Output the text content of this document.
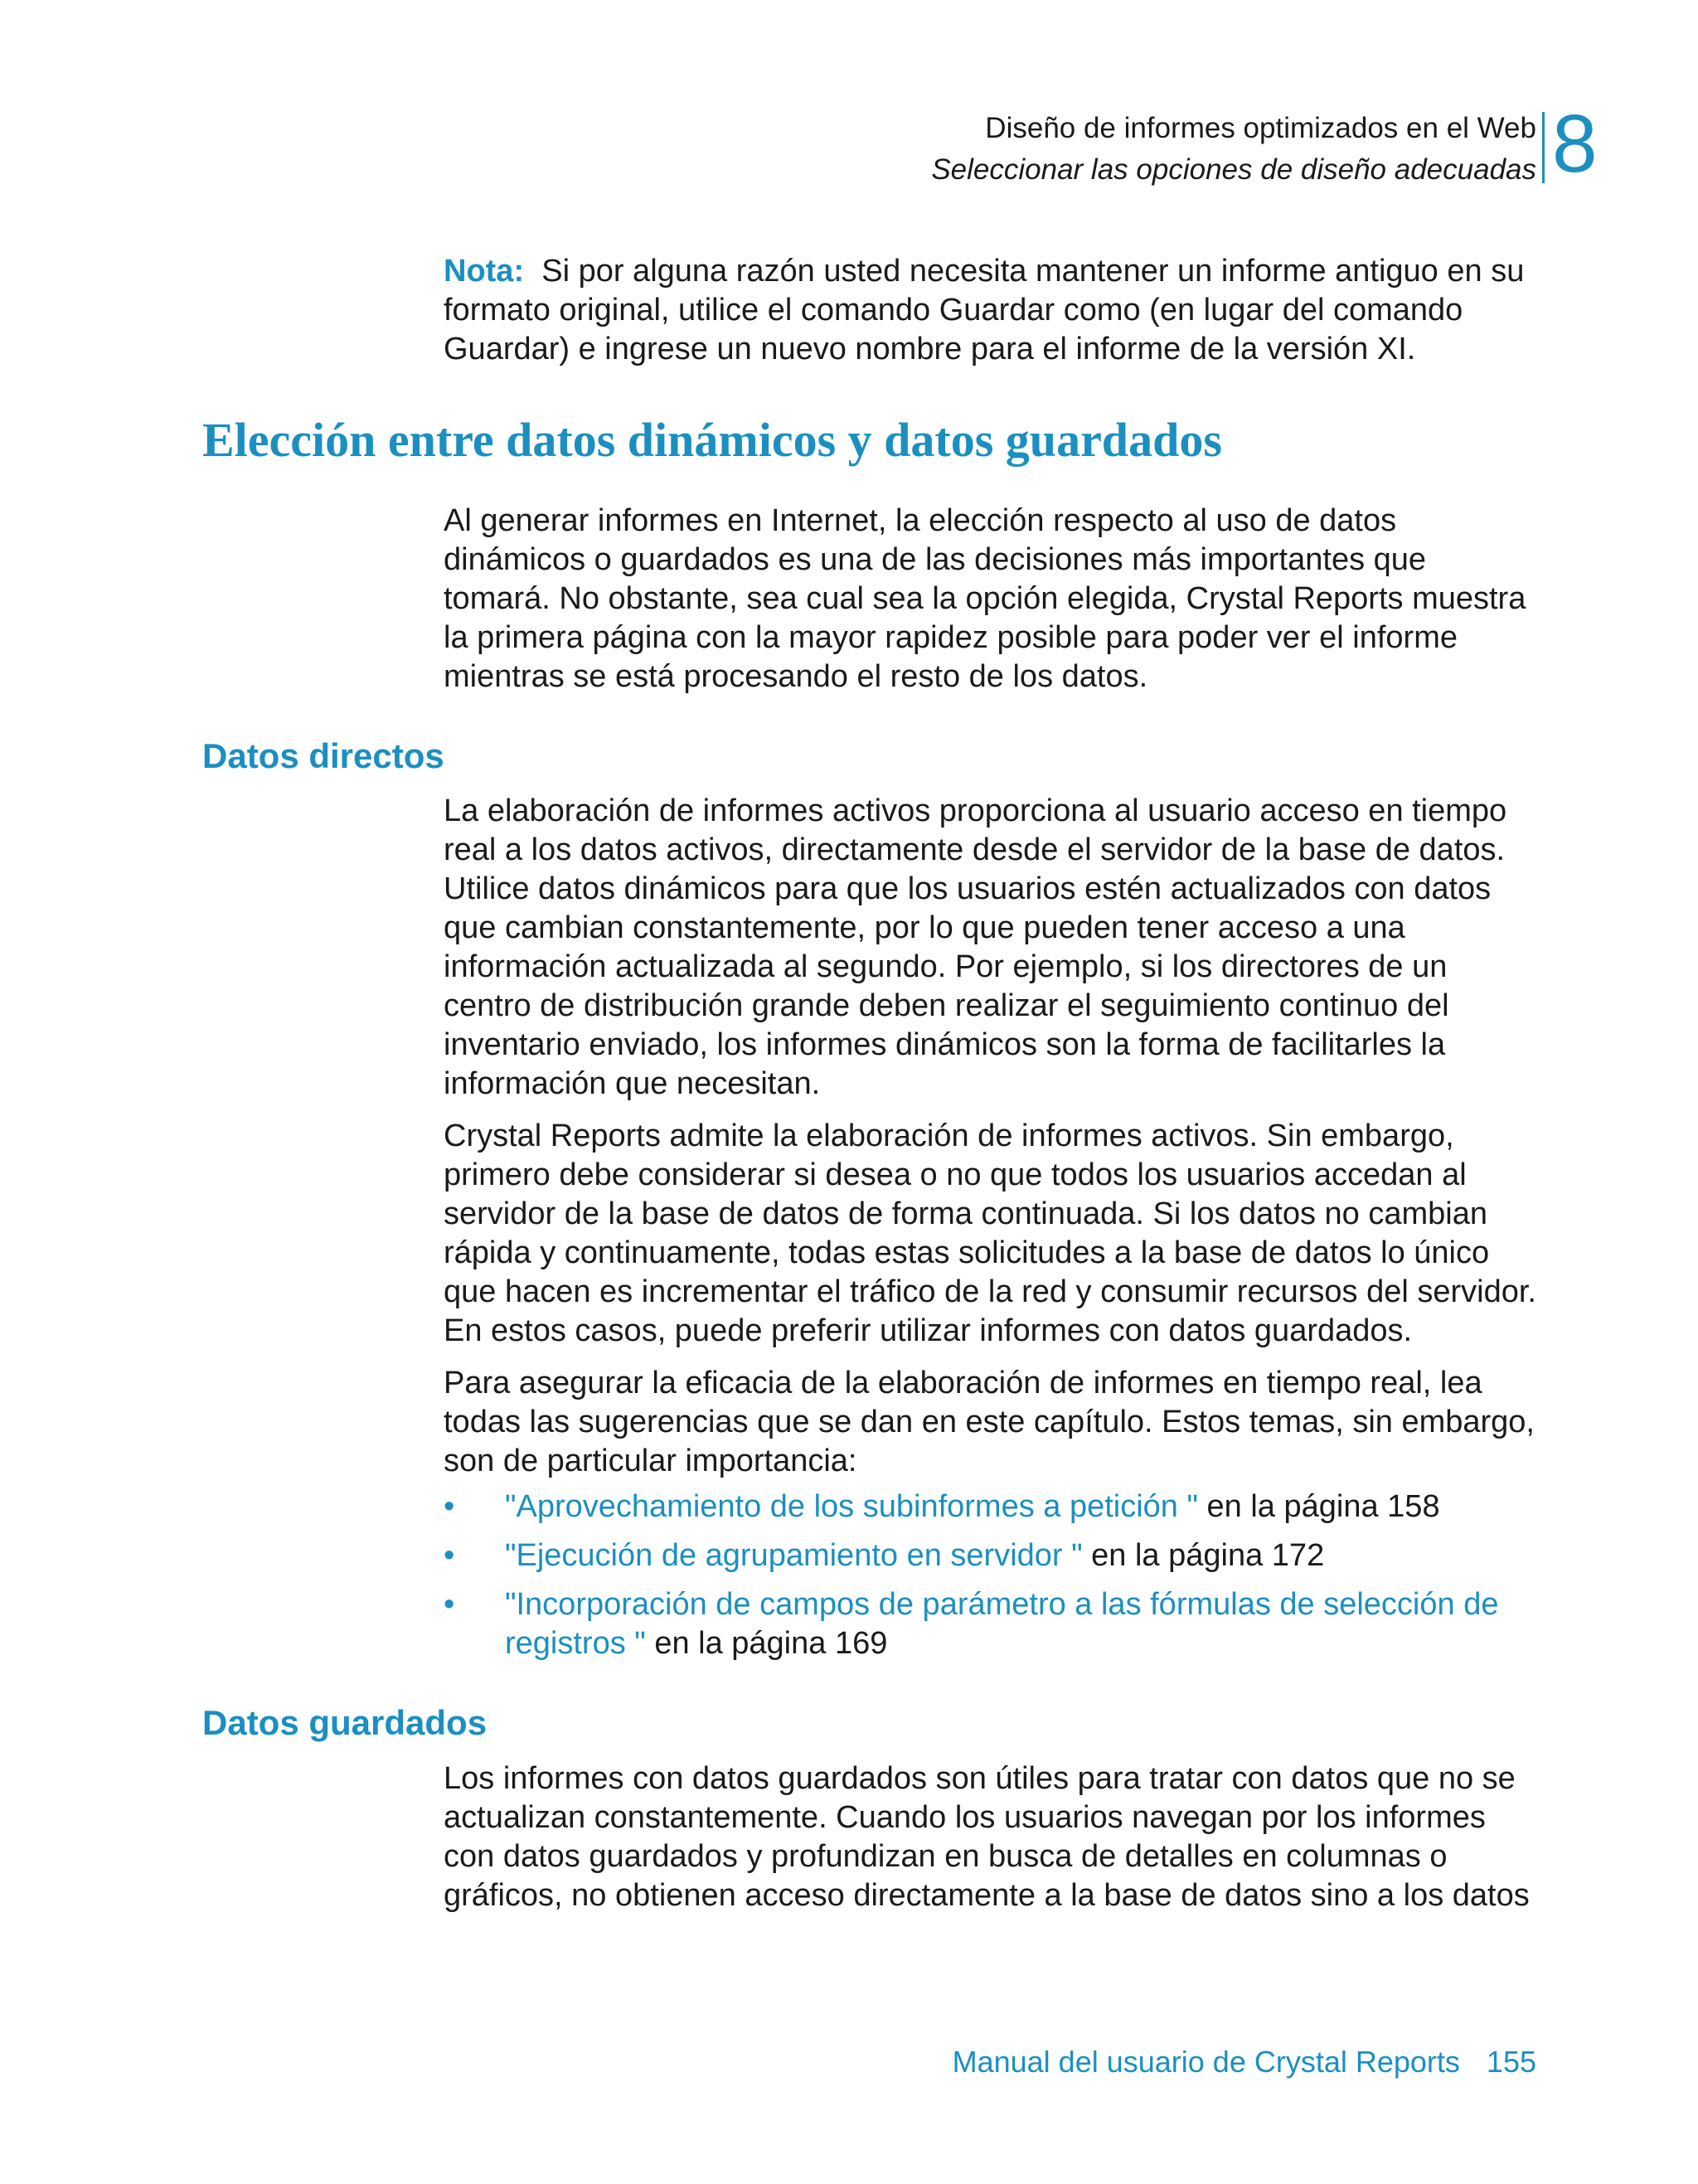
Diseño de informes optimizados en el Web
Seleccionar las opciones de diseño adecuadas 8

Nota: Si por alguna razón usted necesita mantener un informe antiguo en su formato original, utilice el comando Guardar como (en lugar del comando Guardar) e ingrese un nuevo nombre para el informe de la versión XI.

Elección entre datos dinámicos y datos guardados

Al generar informes en Internet, la elección respecto al uso de datos dinámicos o guardados es una de las decisiones más importantes que tomará. No obstante, sea cual sea la opción elegida, Crystal Reports muestra la primera página con la mayor rapidez posible para poder ver el informe mientras se está procesando el resto de los datos.

Datos directos

La elaboración de informes activos proporciona al usuario acceso en tiempo real a los datos activos, directamente desde el servidor de la base de datos. Utilice datos dinámicos para que los usuarios estén actualizados con datos que cambian constantemente, por lo que pueden tener acceso a una información actualizada al segundo. Por ejemplo, si los directores de un centro de distribución grande deben realizar el seguimiento continuo del inventario enviado, los informes dinámicos son la forma de facilitarles la información que necesitan.

Crystal Reports admite la elaboración de informes activos. Sin embargo, primero debe considerar si desea o no que todos los usuarios accedan al servidor de la base de datos de forma continuada. Si los datos no cambian rápida y continuamente, todas estas solicitudes a la base de datos lo único que hacen es incrementar el tráfico de la red y consumir recursos del servidor. En estos casos, puede preferir utilizar informes con datos guardados.

Para asegurar la eficacia de la elaboración de informes en tiempo real, lea todas las sugerencias que se dan en este capítulo. Estos temas, sin embargo, son de particular importancia:

• "Aprovechamiento de los subinformes a petición " en la página 158
• "Ejecución de agrupamiento en servidor " en la página 172
• "Incorporación de campos de parámetro a las fórmulas de selección de registros " en la página 169
Datos guardados

Los informes con datos guardados son útiles para tratar con datos que no se actualizan constantemente. Cuando los usuarios navegan por los informes con datos guardados y profundizan en busca de detalles en columnas o gráficos, no obtienen acceso directamente a la base de datos sino a los datos

Manual del usuario de Crystal Reports 155
